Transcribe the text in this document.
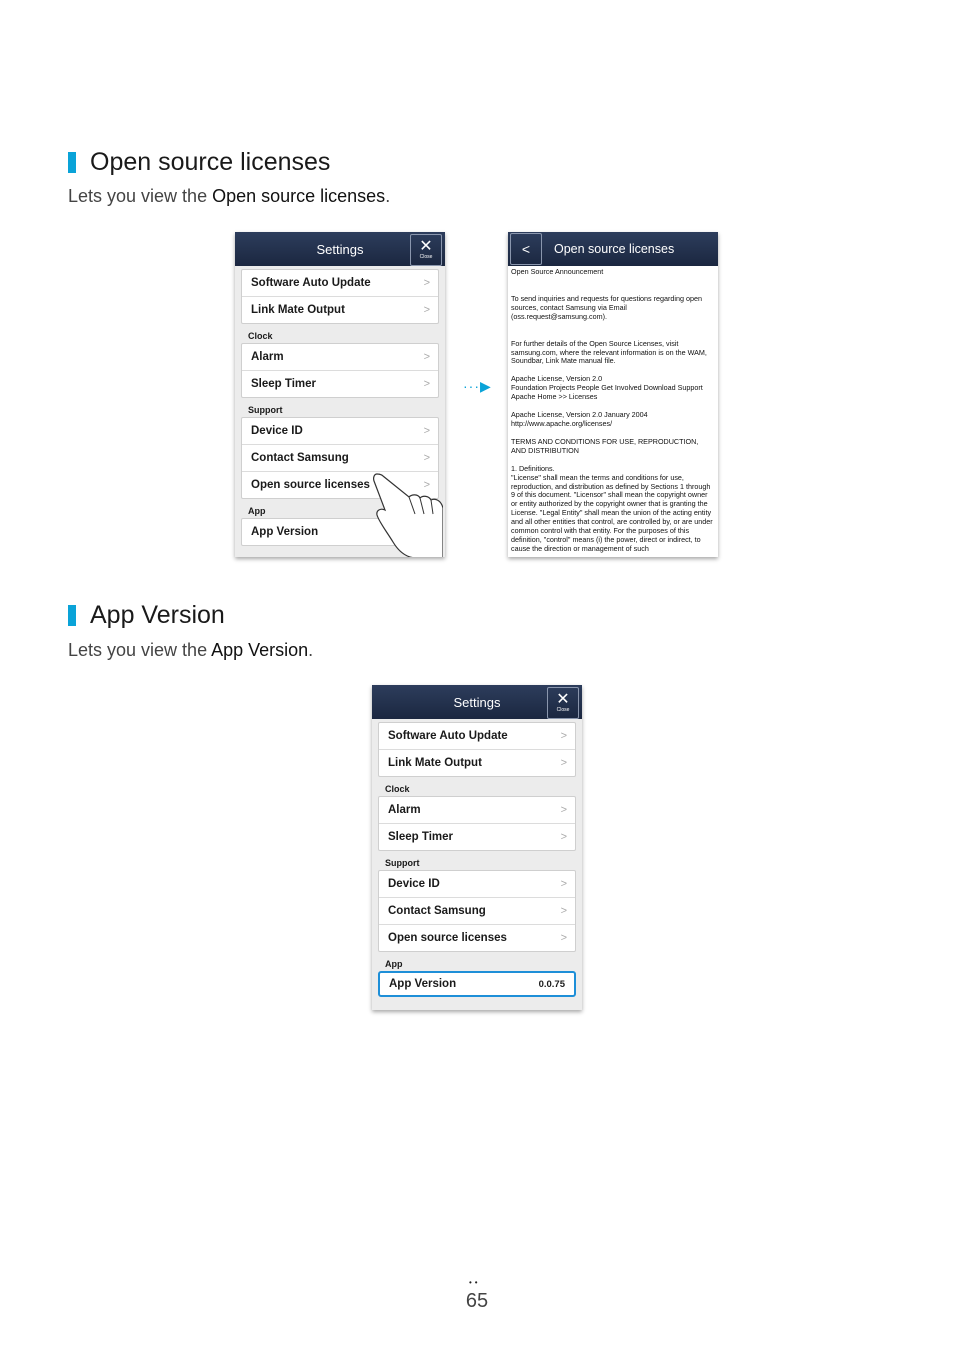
Open source licenses
Lets you view the Open source licenses.
Settings	✕
Close
Software Auto Update	>
Link Mate Output	>
Clock
Alarm	>
Sleep Timer	>
Support
Device ID	>
Contact Samsung	>
Open source licenses	>
App
App Version
···▶
< Open source licenses

Open Source Announcement

To send inquiries and requests for questions regarding open sources, contact Samsung via Email (oss.request@samsung.com).

For further details of the Open Source Licenses, visit samsung.com, where the relevant information is on the WAM, Soundbar, Link Mate manual file.

Apache License, Version 2.0
Foundation Projects People Get Involved Download Support Apache Home >> Licenses

Apache License, Version 2.0 January 2004
http://www.apache.org/licenses/

TERMS AND CONDITIONS FOR USE, REPRODUCTION, AND DISTRIBUTION

1. Definitions.
"License" shall mean the terms and conditions for use, reproduction, and distribution as defined by Sections 1 through 9 of this document. "Licensor" shall mean the copyright owner or entity authorized by the copyright owner that is granting the License. "Legal Entity" shall mean the union of the acting entity and all other entities that control, are controlled by, or are under common control with that entity. For the purposes of this definition, "control" means (i) the power, direct or indirect, to cause the direction or management of such

App Version
Lets you view the App Version.
Settings	✕
Close
Software Auto Update	>
Link Mate Output	>
Clock
Alarm	>
Sleep Timer	>
Support
Device ID	>
Contact Samsung	>
Open source licenses	>
App
App Version	0.0.75
••
65
